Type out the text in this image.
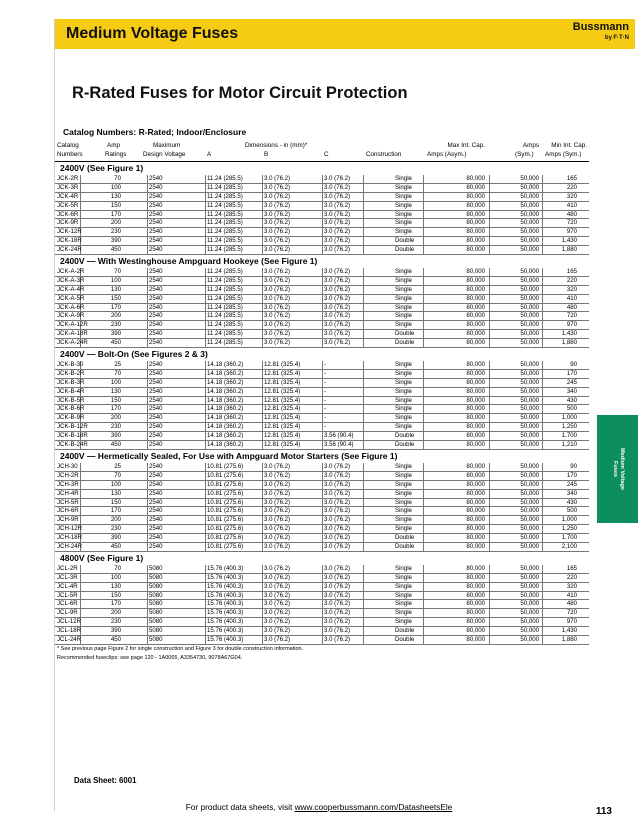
Medium Voltage Fuses	Bussmann
by F·T·N
R-Rated Fuses for Motor Circuit Protection
Catalog Numbers: R-Rated; Indoor/Enclosure
Medium Voltage
Fuses
Catalog	Amp	Maximum	Dimensions - in (mm)*	Max Int. Cap.	Amps	Min Int. Cap.
Numbers	Ratings	Design Voltage	A	B	C	Construction	Amps (Asym.)	(Sym.) Amps (Sym.)
2400V (See Figure 1)
JCK-2R	70	2540	11.24 (285.5)	3.0 (76.2)	3.0 (76.2)	Single	80,000	50,000	165
JCK-3R	100	2540	11.24 (285.5)	3.0 (76.2)	3.0 (76.2)	Single	80,000	50,000	220
JCK-4R	130	2540	11.24 (285.5)	3.0 (76.2)	3.0 (76.2)	Single	80,000	50,000	320
JCK-5R	150	2540	11.24 (285.5)	3.0 (76.2)	3.0 (76.2)	Single	80,000	50,000	410
JCK-6R	170	2540	11.24 (285.5)	3.0 (76.2)	3.0 (76.2)	Single	80,000	50,000	480
JCK-9R	200	2540	11.24 (285.5)	3.0 (76.2)	3.0 (76.2)	Single	80,000	50,000	720
JCK-12R	230	2540	11.24 (285.5)	3.0 (76.2)	3.0 (76.2)	Single	80,000	50,000	970
JCK-18R	390	2540	11.24 (285.5)	3.0 (76.2)	3.0 (76.2)	Double	80,000	50,000	1,430
JCK-24R	450	2540	11.24 (285.5)	3.0 (76.2)	3.0 (76.2)	Double	80,000	50,000	1,880
2400V — With Westinghouse Ampguard Hookeye (See Figure 1)
JCK-A-2R	70	2540	11.24 (285.5)	3.0 (76.2)	3.0 (76.2)	Single	80,000	50,000	165
JCK-A-3R	100	2540	11.24 (285.5)	3.0 (76.2)	3.0 (76.2)	Single	80,000	50,000	220
JCK-A-4R	130	2540	11.24 (285.5)	3.0 (76.2)	3.0 (76.2)	Single	80,000	50,000	320
JCK-A-5R	150	2540	11.24 (285.5)	3.0 (76.2)	3.0 (76.2)	Single	80,000	50,000	410
JCK-A-6R	170	2540	11.24 (285.5)	3.0 (76.2)	3.0 (76.2)	Single	80,000	50,000	480
JCK-A-9R	200	2540	11.24 (285.5)	3.0 (76.2)	3.0 (76.2)	Single	80,000	50,000	720
JCK-A-12R	230	2540	11.24 (285.5)	3.0 (76.2)	3.0 (76.2)	Single	80,000	50,000	970
JCK-A-18R	390	2540	11.24 (285.5)	3.0 (76.2)	3.0 (76.2)	Double	80,000	50,000	1,430
JCK-A-24R	450	2540	11.24 (285.5)	3.0 (76.2)	3.0 (76.2)	Double	80,000	50,000	1,880
2400V — Bolt-On (See Figures 2 & 3)
JCK-B-30	25	2540	14.18 (360.2)	12.81 (325.4)	-	Single	80,000	50,000	90
JCK-B-2R	70	2540	14.18 (360.2)	12.81 (325.4)	-	Single	80,000	50,000	170
JCK-B-3R	100	2540	14.18 (360.2)	12.81 (325.4)	-	Single	80,000	50,000	245
JCK-B-4R	130	2540	14.18 (360.2)	12.81 (325.4)	-	Single	80,000	50,000	340
JCK-B-5R	150	2540	14.18 (360.2)	12.81 (325.4)	-	Single	80,000	50,000	430
JCK-B-6R	170	2540	14.18 (360.2)	12.81 (325.4)	-	Single	80,000	50,000	500
JCK-B-9R	200	2540	14.18 (360.2)	12.81 (325.4)	-	Single	80,000	50,000	1,000
JCK-B-12R	230	2540	14.18 (360.2)	12.81 (325.4)	-	Single	80,000	50,000	1,250
JCK-B-18R	390	2540	14.18 (360.2)	12.81 (325.4)	3.56 (90.4)	Double	80,000	50,000	1,700
JCK-B-24R	450	2540	14.18 (360.2)	12.81 (325.4)	3.56 (90.4)	Double	80,000	50,000	1,210
2400V — Hermetically Sealed, For Use with Ampguard Motor Starters (See Figure 1)
JCH-30	25	2540	10.81 (275.6)	3.0 (76.2)	3.0 (76.2)	Single	80,000	50,000	90
JCH-2R	70	2540	10.81 (275.6)	3.0 (76.2)	3.0 (76.2)	Single	80,000	50,000	170
JCH-3R	100	2540	10.81 (275.6)	3.0 (76.2)	3.0 (76.2)	Single	80,000	50,000	245
JCH-4R	130	2540	10.81 (275.6)	3.0 (76.2)	3.0 (76.2)	Single	80,000	50,000	340
JCH-5R	150	2540	10.81 (275.6)	3.0 (76.2)	3.0 (76.2)	Single	80,000	50,000	430
JCH-6R	170	2540	10.81 (275.6)	3.0 (76.2)	3.0 (76.2)	Single	80,000	50,000	500
JCH-9R	200	2540	10.81 (275.6)	3.0 (76.2)	3.0 (76.2)	Single	80,000	50,000	1,000
JCH-12R	230	2540	10.81 (275.6)	3.0 (76.2)	3.0 (76.2)	Single	80,000	50,000	1,250
JCH-18R	390	2540	10.81 (275.6)	3.0 (76.2)	3.0 (76.2)	Double	80,000	50,000	1,700
JCH-24R	450	2540	10.81 (275.6)	3.0 (76.2)	3.0 (76.2)	Double	80,000	50,000	2,100
4800V (See Figure 1)
JCL-2R	70	5080	15.76 (400.3)	3.0 (76.2)	3.0 (76.2)	Single	80,000	50,000	165
JCL-3R	100	5080	15.76 (400.3)	3.0 (76.2)	3.0 (76.2)	Single	80,000	50,000	220
JCL-4R	130	5080	15.76 (400.3)	3.0 (76.2)	3.0 (76.2)	Single	80,000	50,000	320
JCL-5R	150	5080	15.76 (400.3)	3.0 (76.2)	3.0 (76.2)	Single	80,000	50,000	410
JCL-6R	170	5080	15.76 (400.3)	3.0 (76.2)	3.0 (76.2)	Single	80,000	50,000	480
JCL-9R	200	5080	15.76 (400.3)	3.0 (76.2)	3.0 (76.2)	Single	80,000	50,000	720
JCL-12R	230	5080	15.76 (400.3)	3.0 (76.2)	3.0 (76.2)	Single	80,000	50,000	970
JCL-18R	390	5080	15.76 (400.3)	3.0 (76.2)	3.0 (76.2)	Double	80,000	50,000	1,430
JCL-24R	450	5080	15.76 (400.3)	3.0 (76.2)	3.0 (76.2)	Double	80,000	50,000	1,880
* See previous page Figure 2 for single construction and Figure 3 for double construction information.
Recommended fuseclips: see page 120 - 1A0065, A3354730, 9078A67G04.
Data Sheet: 6001
For product data sheets, visit www.cooperbussmann.com/DatasheetsEle	113
